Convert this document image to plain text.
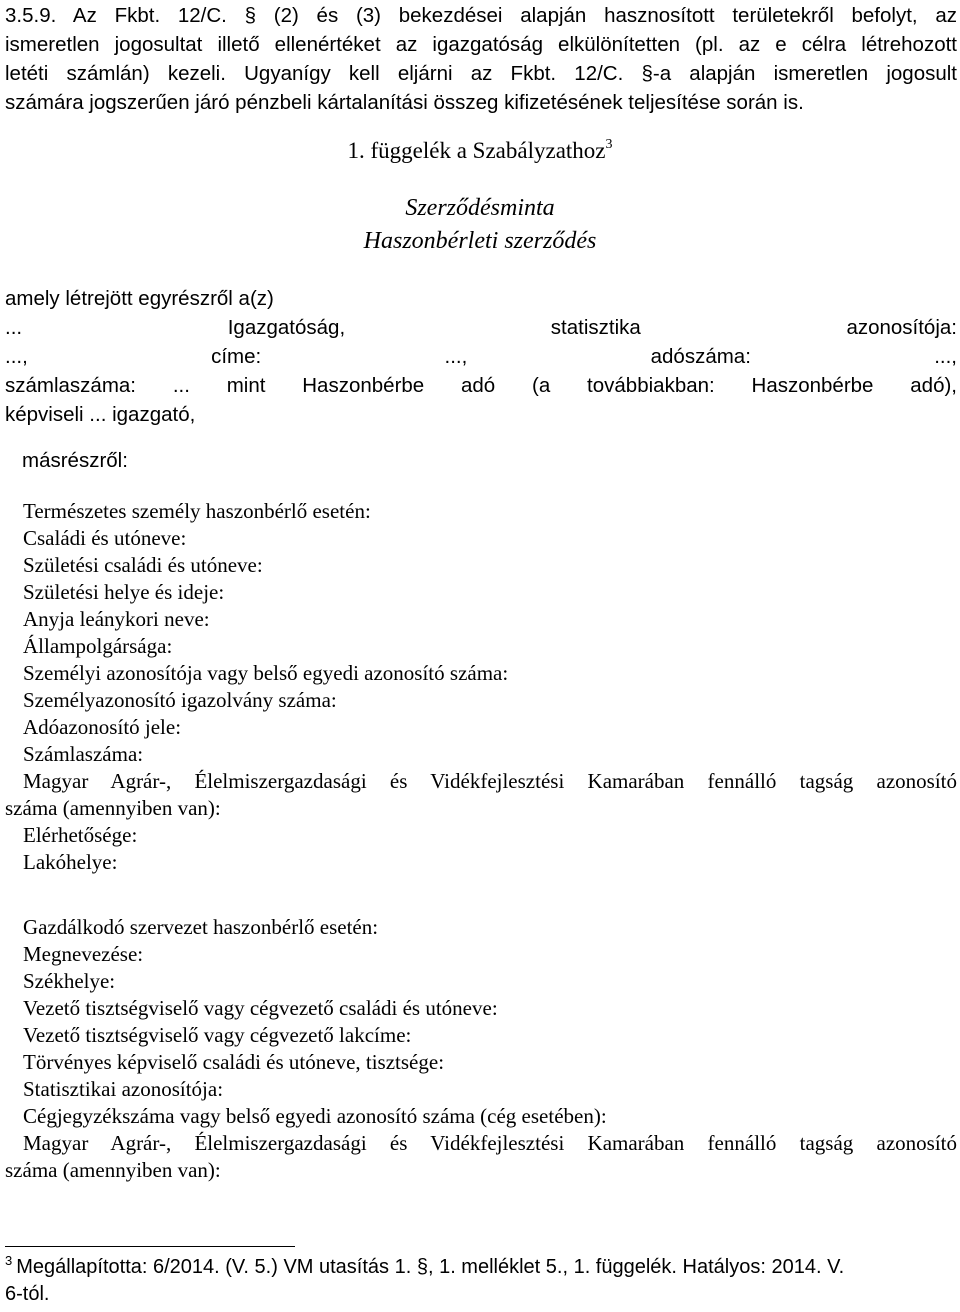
3.5.9. Az Fkbt. 12/C. § (2) és (3) bekezdései alapján hasznosított területekről befolyt, az
ismeretlen jogosultat illető ellenértéket az igazgatóság elkülönítetten (pl. az e célra létrehozott
letéti számlán) kezeli. Ugyanígy kell eljárni az Fkbt. 12/C. §-a alapján ismeretlen jogosult
számára jogszerűen járó pénzbeli kártalanítási összeg kifizetésének teljesítése során is.

1. függelék a Szabályzathoz$^3$

Szerződésminta

Haszonbérleti szerződés

amely létrejött egyrészről a(z)
... Igazgatóság, statisztika azonosítója:
..., címe: ..., adószáma: ...,
számlaszáma: ... mint Haszonbérbe adó (a továbbiakban: Haszonbérbe adó),
képviseli ... igazgató,
másrészről:
Természetes személy haszonbérlő esetén:
Családi és utóneve:
Születési családi és utóneve:
Születési helye és ideje:
Anyja leánykori neve:
Állampolgársága:
Személyi azonosítója vagy belső egyedi azonosító száma:
Személyazonosító igazolvány száma:
Adóazonosító jele:
Számlaszáma:
Magyar Agrár-, Élelmiszergazdasági és Vidékfejlesztési Kamarában fennálló tagság azonosító
száma (amennyiben van):
Elérhetősége:
Lakóhelye:
Gazdálkodó szervezet haszonbérlő esetén:
Megnevezése:
Székhelye:
Vezető tisztségviselő vagy cégvezető családi és utóneve:
Vezető tisztségviselő vagy cégvezető lakcíme:
Törvényes képviselő családi és utóneve, tisztsége:
Statisztikai azonosítója:
Cégjegyzékszáma vagy belső egyedi azonosító száma (cég esetében):
Magyar Agrár-, Élelmiszergazdasági és Vidékfejlesztési Kamarában fennálló tagság azonosító
száma (amennyiben van):

$^3$ Megállapította: 6/2014. (V. 5.) VM utasítás 1. §, 1. melléklet 5., 1. függelék. Hatályos: 2014. V.
6-tól.
